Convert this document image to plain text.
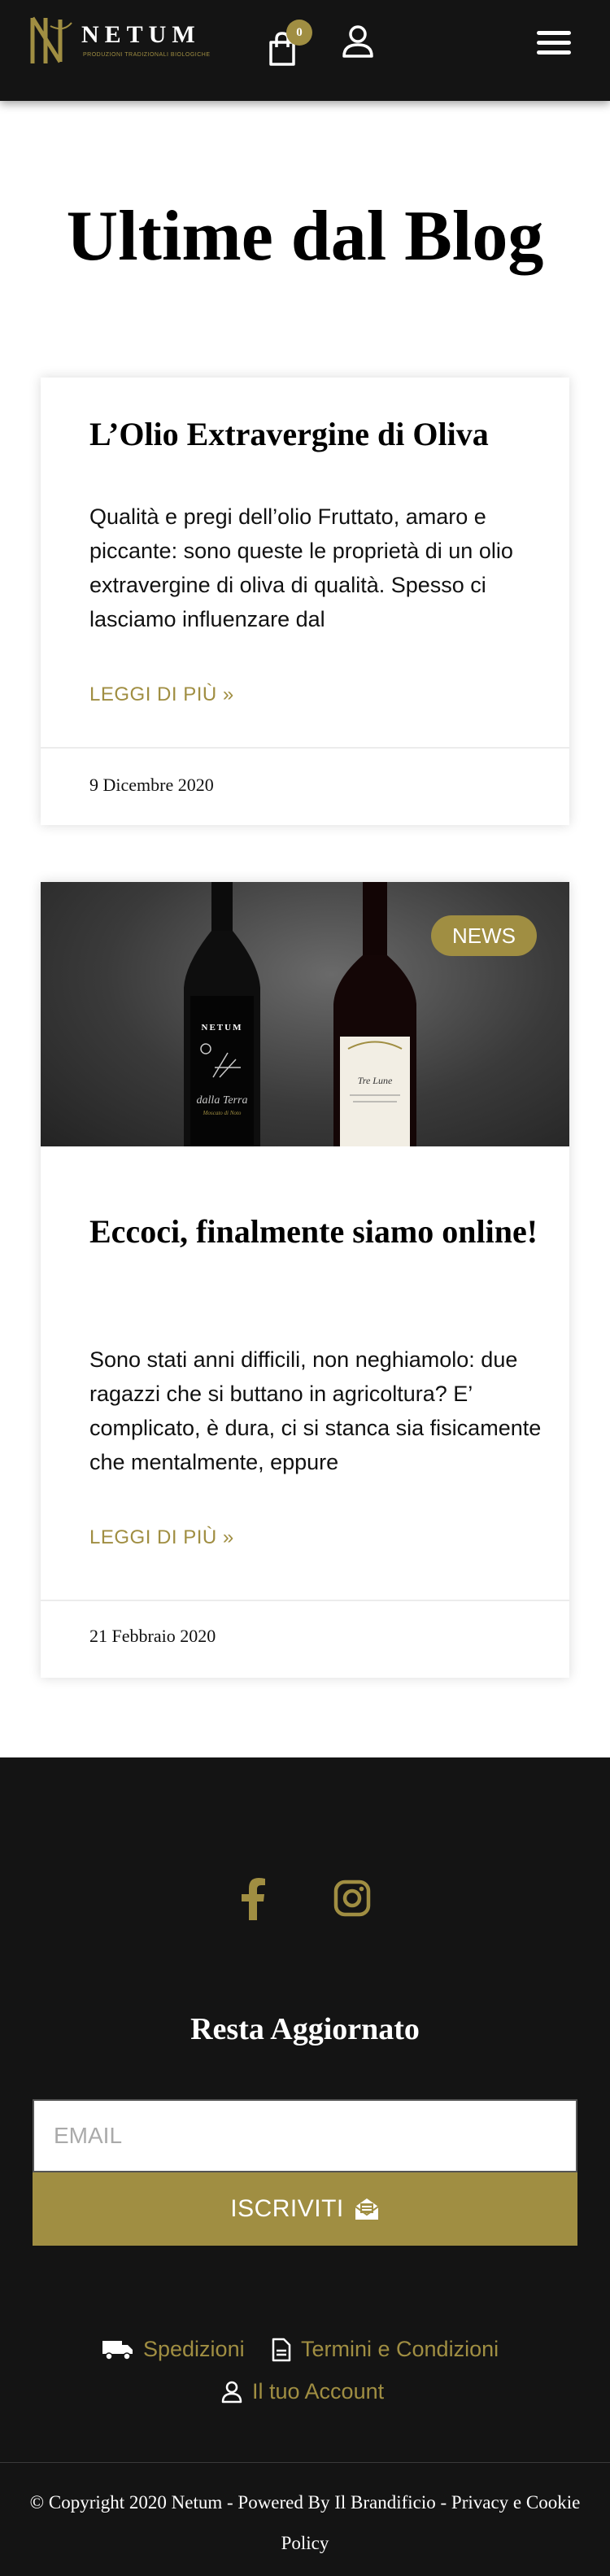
NETUM
PRODUZIONI TRADIZIONALI BIOLOGICHE
0
Ultime dal Blog
L’Olio Extravergine di Oliva

Qualità e pregi dell’olio Fruttato, amaro e piccante: sono queste le proprietà di un olio extravergine di oliva di qualità. Spesso ci lasciamo influenzare dal

LEGGI DI PIÙ »
9 Dicembre 2020
NETUM
dalla Terra
Moscato di Noto
Tre Lune
NEWS
Eccoci, finalmente siamo online!

Sono stati anni difficili, non neghiamolo: due ragazzi che si buttano in agricoltura? E’ complicato, è dura, ci si stanca sia fisicamente che mentalmente, eppure

LEGGI DI PIÙ »
21 Febbraio 2020
Resta Aggiornato
EMAIL
ISCRIVITI
Spedizioni	Termini e Condizioni
Il tuo Account

© Copyright 2020 Netum - Powered By Il Brandificio - Privacy e Cookie Policy
